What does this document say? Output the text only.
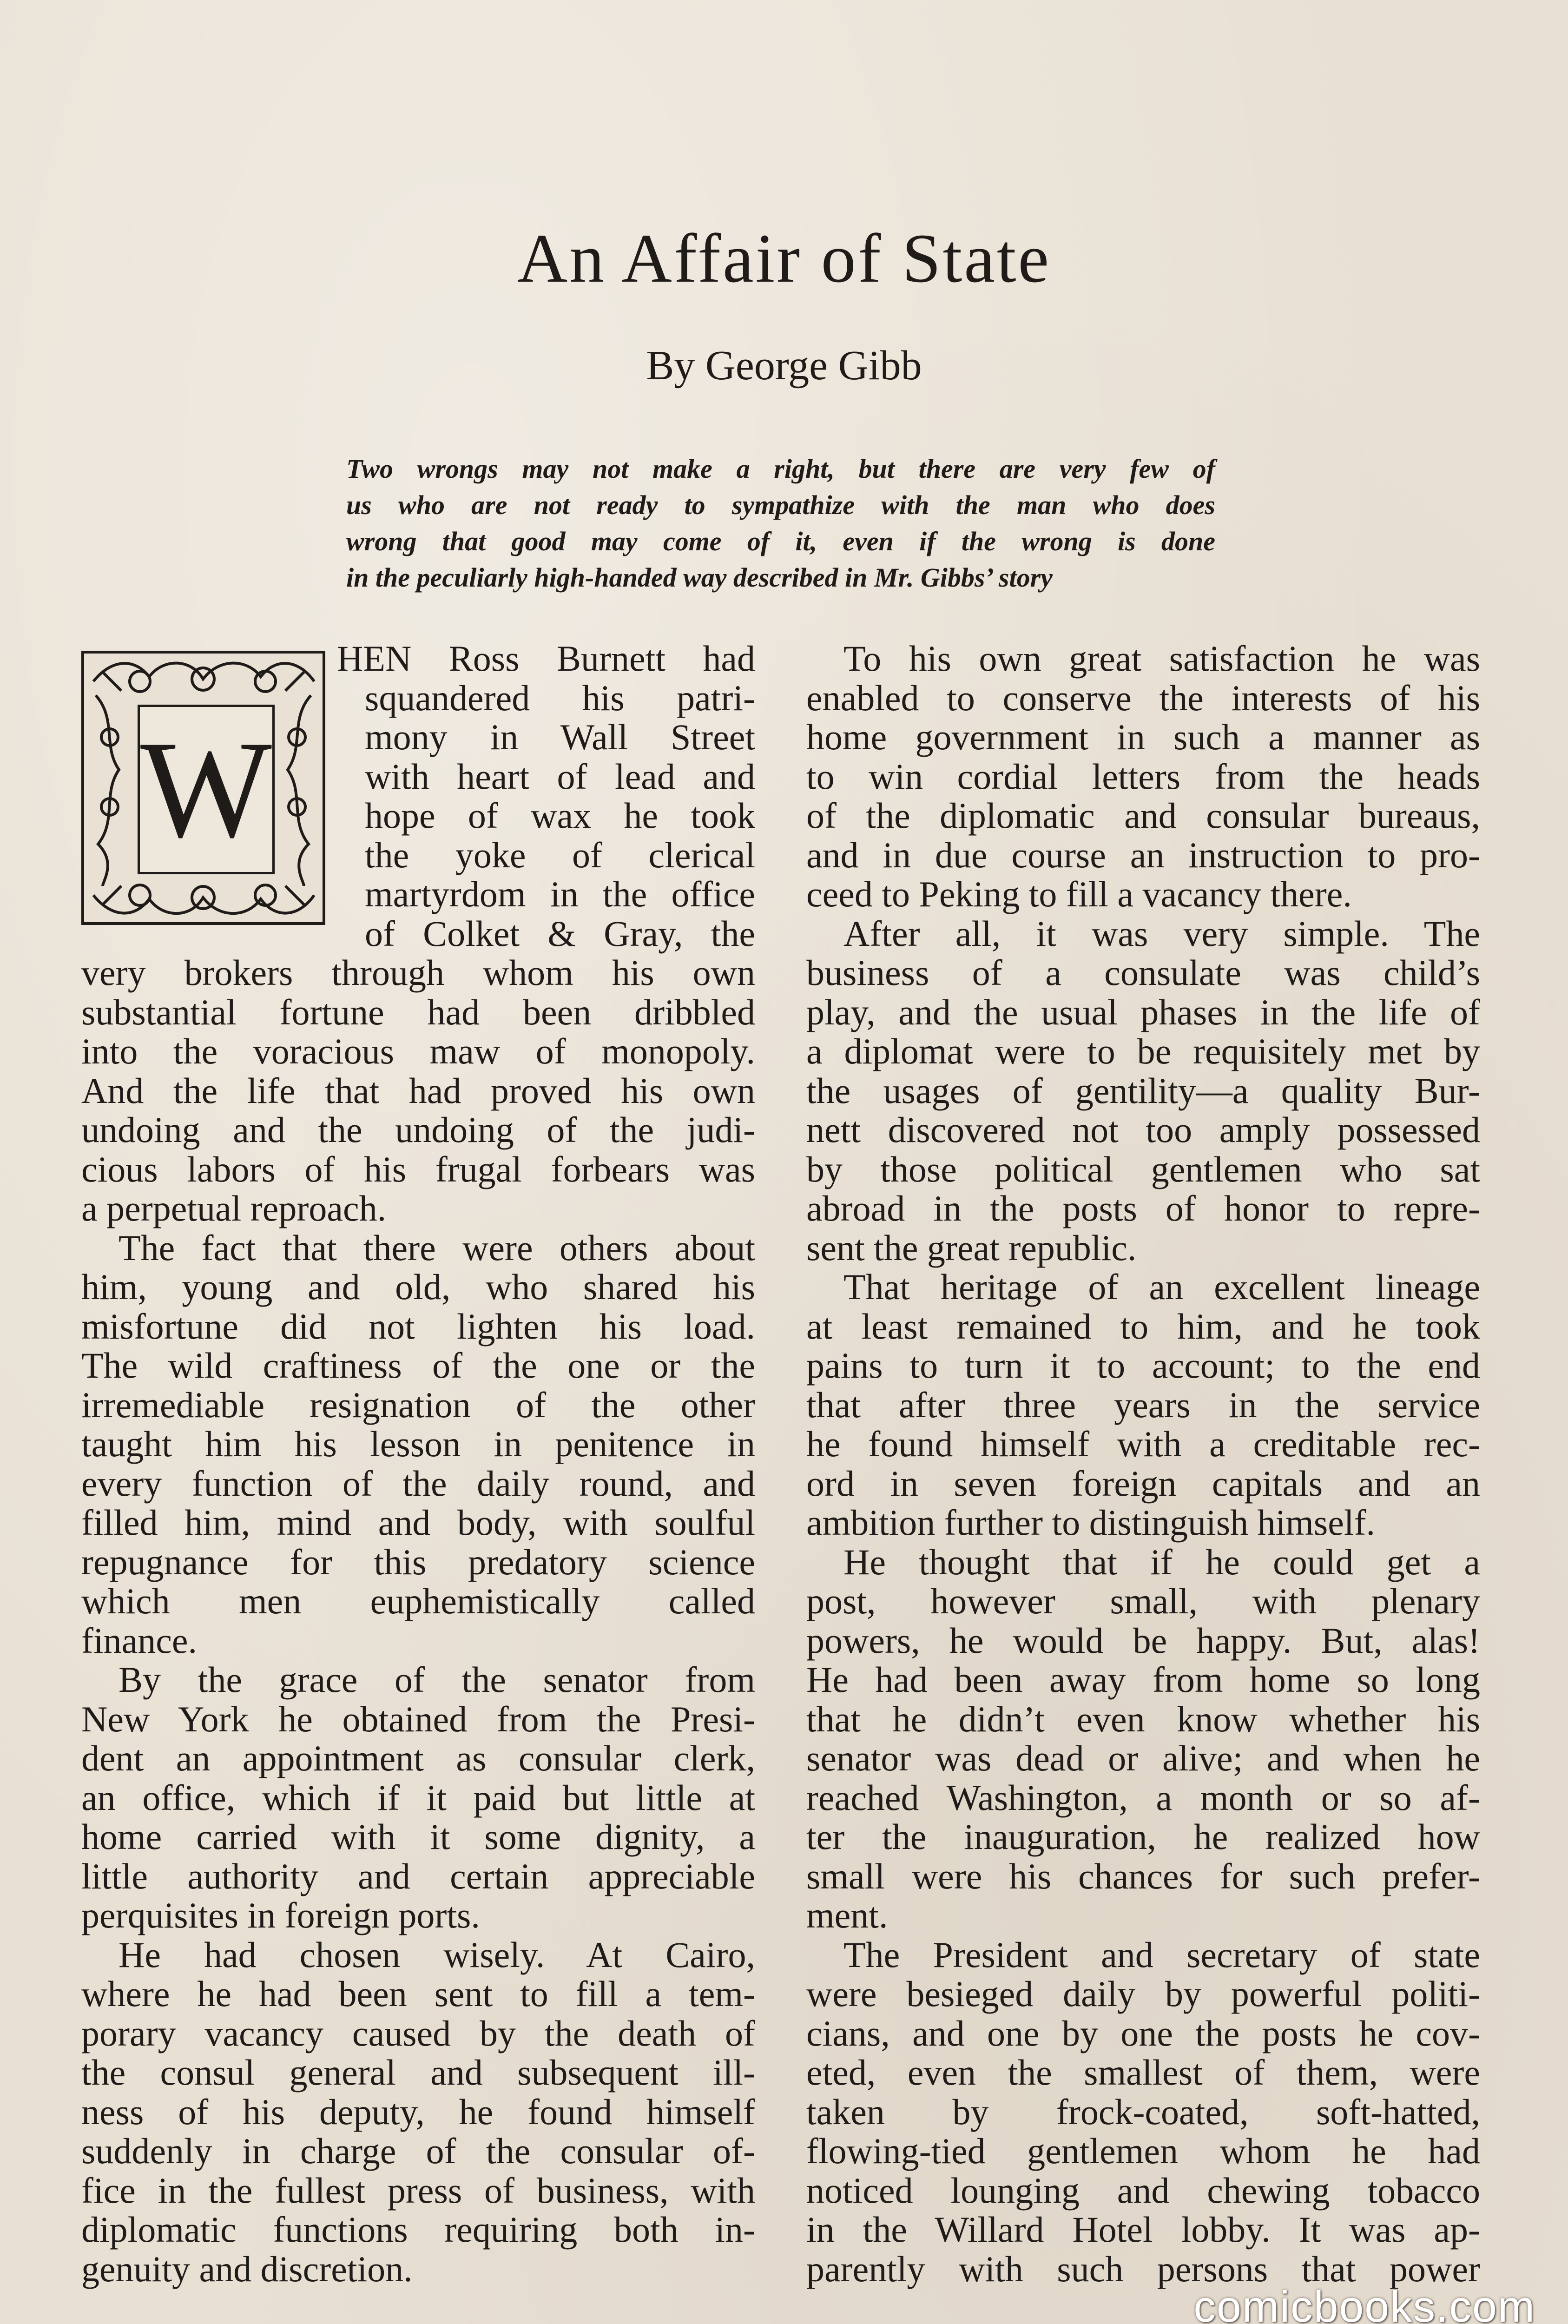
An Affair of State
By George Gibb
Two wrongs may not make a right, but there are very few of
us who are not ready to sympathize with the man who does
wrong that good may come of it, even if the wrong is done
in the peculiarly high-handed way described in Mr. Gibbs’ story
W
HEN Ross Burnett had
squandered his patri-
mony in Wall Street
with heart of lead and
hope of wax he took
the yoke of clerical
martyrdom in the office
of Colket & Gray, the
very brokers through whom his own
substantial fortune had been dribbled
into the voracious maw of monopoly.
And the life that had proved his own
undoing and the undoing of the judi-
cious labors of his frugal forbears was
a perpetual reproach.
The fact that there were others about
him, young and old, who shared his
misfortune did not lighten his load.
The wild craftiness of the one or the
irremediable resignation of the other
taught him his lesson in penitence in
every function of the daily round, and
filled him, mind and body, with soulful
repugnance for this predatory science
which men euphemistically called
finance.
By the grace of the senator from
New York he obtained from the Presi-
dent an appointment as consular clerk,
an office, which if it paid but little at
home carried with it some dignity, a
little authority and certain appreciable
perquisites in foreign ports.
He had chosen wisely. At Cairo,
where he had been sent to fill a tem-
porary vacancy caused by the death of
the consul general and subsequent ill-
ness of his deputy, he found himself
suddenly in charge of the consular of-
fice in the fullest press of business, with
diplomatic functions requiring both in-
genuity and discretion.
To his own great satisfaction he was
enabled to conserve the interests of his
home government in such a manner as
to win cordial letters from the heads
of the diplomatic and consular bureaus,
and in due course an instruction to pro-
ceed to Peking to fill a vacancy there.
After all, it was very simple. The
business of a consulate was child’s
play, and the usual phases in the life of
a diplomat were to be requisitely met by
the usages of gentility—a quality Bur-
nett discovered not too amply possessed
by those political gentlemen who sat
abroad in the posts of honor to repre-
sent the great republic.
That heritage of an excellent lineage
at least remained to him, and he took
pains to turn it to account; to the end
that after three years in the service
he found himself with a creditable rec-
ord in seven foreign capitals and an
ambition further to distinguish himself.
He thought that if he could get a
post, however small, with plenary
powers, he would be happy. But, alas!
He had been away from home so long
that he didn’t even know whether his
senator was dead or alive; and when he
reached Washington, a month or so af-
ter the inauguration, he realized how
small were his chances for such prefer-
ment.
The President and secretary of state
were besieged daily by powerful politi-
cians, and one by one the posts he cov-
eted, even the smallest of them, were
taken by frock-coated, soft-hatted,
flowing-tied gentlemen whom he had
noticed lounging and chewing tobacco
in the Willard Hotel lobby. It was ap-
parently with such persons that power
comicbooks.com
